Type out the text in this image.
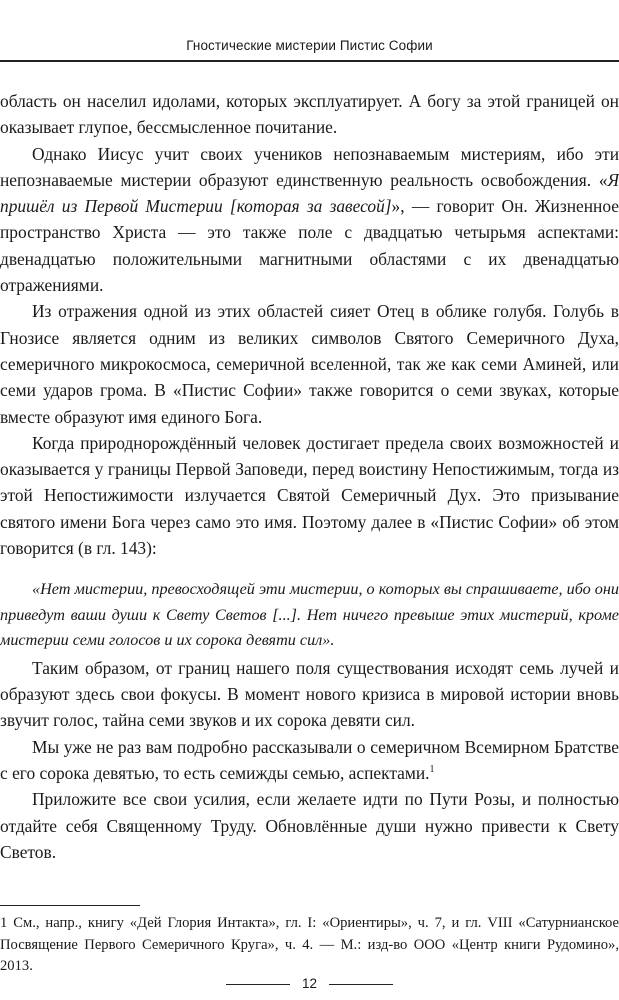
Гностические мистерии Пистис Софии

область он населил идолами, которых эксплуатирует. А богу за этой границей он оказывает глупое, бессмысленное почитание.

Однако Иисус учит своих учеников непознаваемым мистериям, ибо эти непознаваемые мистерии образуют единственную реальность освобождения. «Я пришёл из Первой Мистерии [которая за завесой]», — говорит Он. Жизненное пространство Христа — это также поле с двадцатью четырьмя аспектами: двенадцатью положительными магнитными областями с их двенадцатью отражениями.

Из отражения одной из этих областей сияет Отец в облике голубя. Голубь в Гнозисе является одним из великих символов Святого Семеричного Духа, семеричного микрокосмоса, семеричной вселенной, так же как семи Аминей, или семи ударов грома. В «Пистис Софии» также говорится о семи звуках, которые вместе образуют имя единого Бога.

Когда природнорождённый человек достигает предела своих возможностей и оказывается у границы Первой Заповеди, перед воистину Непостижимым, тогда из этой Непостижимости излучается Святой Семеричный Дух. Это призывание святого имени Бога через само это имя. Поэтому далее в «Пистис Софии» об этом говорится (в гл. 143):

«Нет мистерии, превосходящей эти мистерии, о которых вы спрашиваете, ибо они приведут ваши души к Свету Светов [...]. Нет ничего превыше этих мистерий, кроме мистерии семи голосов и их сорока девяти сил».

Таким образом, от границ нашего поля существования исходят семь лучей и образуют здесь свои фокусы. В момент нового кризиса в мировой истории вновь звучит голос, тайна семи звуков и их сорока девяти сил.

Мы уже не раз вам подробно рассказывали о семеричном Всемирном Братстве с его сорока девятью, то есть семижды семью, аспектами.$^1$

Приложите все свои усилия, если желаете идти по Пути Розы, и полностью отдайте себя Священному Труду. Обновлённые души нужно привести к Свету Светов.

1 См., напр., книгу «Дей Глория Интакта», гл. I: «Ориентиры», ч. 7, и гл. VIII «Сатурнианское Посвящение Первого Семеричного Круга», ч. 4. — М.: изд-во ООО «Центр книги Рудомино», 2013.
12
